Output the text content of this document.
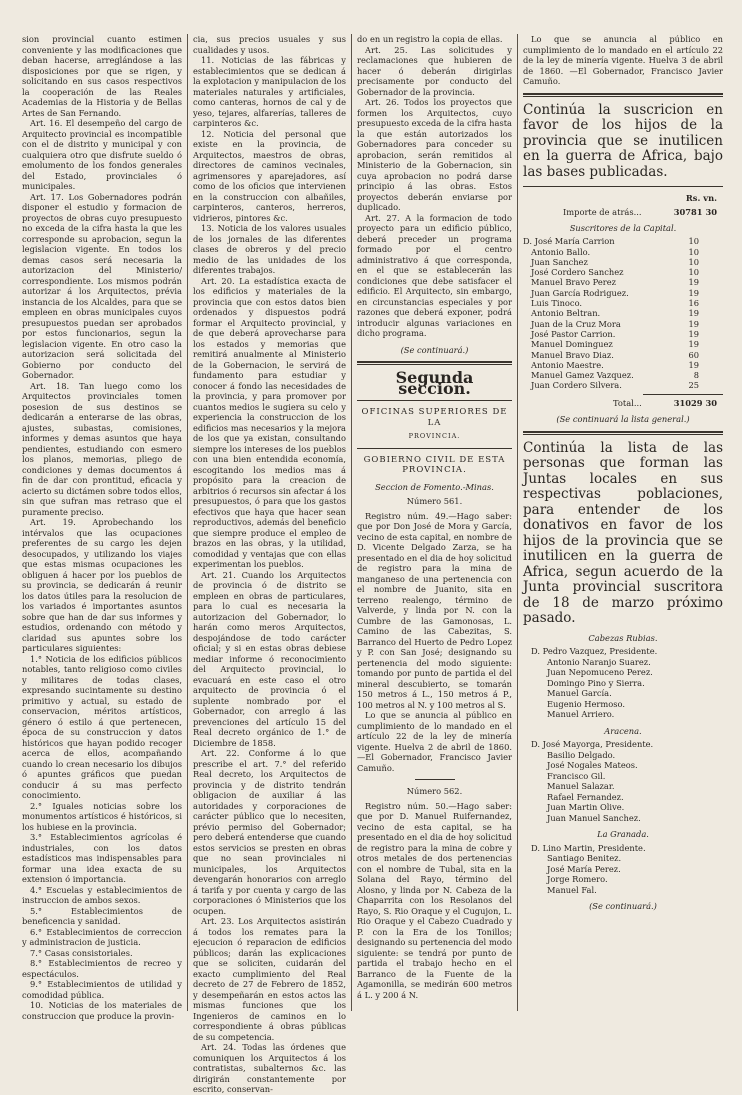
sion provincial cuanto estimen conveniente y las modificaciones que deban hacerse, arreglándose a las disposiciones por que se rigen, y solicitando en sus casos respectivos la cooperación de las Reales Academias de la Historia y de Bellas Artes de San Fernando.

Art. 16. El desempeño del cargo de Arquitecto provincial es incompatible con el de distrito y municipal y con cualquiera otro que disfrute sueldo ó emolumento de los fondos generales del Estado, provinciales ó municipales.

Art. 17. Los Gobernadores podrán disponer el estudio y formacion de proyectos de obras cuyo presupuesto no exceda de la cifra hasta la que les corresponde su aprobacion, segun la legislacion vigente. En todos los demas casos será necesaria la autorizacion del Ministerio/ correspondiente. Los mismos podrán autorizar á los Arquitectos, prévia instancia de los Alcaldes, para que se empleen en obras municipales cuyos presupuestos puedan ser aprobados por estos funcionarios, segun la legislacion vigente. En otro caso la autorizacion será solicitada del Gobierno por conducto del Gobernador.

Art. 18. Tan luego como los Arquitectos provinciales tomen posesion de sus destinos se dedicarán a enterarse de las obras, ajustes, subastas, comisiones, informes y demas asuntos que haya pendientes, estudiando con esmero los planos, memorias, pliego de condiciones y demas documentos á fin de dar con prontitud, eficacia y acierto su dictámen sobre todos ellos, sin que sufran mas retraso que el puramente preciso.

Art. 19. Aprobechando los intérvalos que las ocupaciones preferentes de su cargo les dejen desocupados, y utilizando los viajes que estas mismas ocupaciones les obliguen á hacer por los pueblos de su provincia, se dedicarán á reunir los datos útiles para la resolucion de los variados é importantes asuntos sobre que han de dar sus informes y estudios, ordenando con método y claridad sus apuntes sobre los particulares siguientes:

1.° Noticia de los edificios públicos notables, tanto religioso como civiles y militares de todas clases, expresando sucintamente su destino primitivo y actual, su estado de conservacion, méritos artísticos, género ó estilo á que pertenecen, época de su construccion y datos históricos que hayan podido recoger acerca de ellos, acompañando cuando lo crean necesario los dibujos ó apuntes gráficos que puedan conducir á su mas perfecto conocimiento.

2.° Iguales noticias sobre los monumentos artísticos é históricos, si los hubiese en la provincia.

3.° Establecimientos agrícolas é industriales, con los datos estadísticos mas indispensables para formar una idea exacta de su extension ó importancia.

4.° Escuelas y establecimientos de instruccion de ambos sexos.

5.° Establecimientos de beneficencia y sanidad.

6.° Establecimientos de correccion y administracion de justicia.

7.° Casas consistoriales.

8.° Establecimientos de recreo y espectáculos.

9.° Establecimientos de utilidad y comodidad pública.

10. Noticias de los materiales de construccion que produce la provin-

cia, sus precios usuales y sus cualidades y usos.

11. Noticias de las fábricas y establecimientos que se dedican á la explotacion y manipulacion de los materiales naturales y artificiales, como canteras, hornos de cal y de yeso, tejares, alfarerías, talleres de carpinteros &c.

12. Noticia del personal que existe en la provincia, de Arquitectos, maestros de obras, directores de caminos vecinales, agrimensores y aparejadores, así como de los oficios que intervienen en la construccion con albañiles, carpinteros, canteros, herreros, vidrieros, pintores &c.

13. Noticia de los valores usuales de los jornales de las diferentes clases de obreros y del precio medio de las unidades de los diferentes trabajos.

Art. 20. La estadística exacta de los edificios y materiales de la provincia que con estos datos bien ordenados y dispuestos podrá formar el Arquitecto provincial, y de que deberá aprovecharse para los estados y memorias que remitirá anualmente al Ministerio de la Gobernacion, le servirá de fundamento para estudiar y conocer á fondo las necesidades de la provincia, y para promover por cuantos medios le sugiera su celo y experiencia la construccion de los edificios mas necesarios y la mejora de los que ya existan, consultando siempre los intereses de los pueblos con una bien entendida economía, escogitando los medios mas á propósito para la creacion de arbitrios ó recursos sin afectar á los presupuestos, ó para que los gastos efectivos que haya que hacer sean reproductivos, además del beneficio que siempre produce el empleo de brazos en las obras, y la utilidad, comodidad y ventajas que con ellas experimentan los pueblos.

Art. 21. Cuando los Arquitectos de provincia ó de distrito se empleen en obras de particulares, para lo cual es necesaria la autorizacion del Gobernador, lo harán como meros Arquitectos, despojándose de todo carácter oficial; y si en estas obras debiese mediar informe ó reconocimiento del Arquitecto provincial, lo evacuará en este caso el otro arquitecto de provincia ó el suplente nombrado por el Gobernador, con arreglo á las prevenciones del artículo 15 del Real decreto orgánico de 1.° de Diciembre de 1858.

Art. 22. Conforme á lo que prescribe el art. 7.° del referido Real decreto, los Arquitectos de provincia y de distrito tendrán obligacion de auxiliar á las autoridades y corporaciones de carácter público que lo necesiten, prévio permiso del Gobernador; pero deberá entenderse que cuando estos servicios se presten en obras que no sean provinciales ni municipales, los Arquitectos devengarán honorarios con arreglo á tarifa y por cuenta y cargo de las corporaciones ó Ministerios que los ocupen.

Art. 23. Los Arquitectos asistirán á todos los remates para la ejecucion ó reparacion de edificios públicos; darán las explicaciones que se soliciten, cuidarán del exacto cumplimiento del Real decreto de 27 de Febrero de 1852, y desempeñarán en estos actos las mismas funciones que los Ingenieros de caminos en lo correspondiente á obras públicas de su competencia.

Art. 24. Todas las órdenes que comuniquen los Arquitectos á los contratistas, subalternos &c. las dirigirán constantemente por escrito, conservan-

do en un registro la copia de ellas.

Art. 25. Las solicitudes y reclamaciones que hubieren de hacer ó deberán dirigirlas precisamente por conducto del Gobernador de la provincia.

Art. 26. Todos los proyectos que formen los Arquitectos, cuyo presupuesto exceda de la cifra hasta la que están autorizados los Gobernadores para conceder su aprobacion, serán remitidos al Ministerio de la Gobernacion, sin cuya aprobacion no podrá darse principio á las obras. Estos proyectos deberán enviarse por duplicado.

Art. 27. A la formacion de todo proyecto para un edificio público, deberá preceder un programa formado por el centro administrativo á que corresponda, en el que se establecerán las condiciones que debe satisfacer el edificio. El Arquitecto, sin embargo, en circunstancias especiales y por razones que deberá exponer, podrá introducir algunas variaciones en dicho programa.

(Se continuará.)
Segunda seccion.
OFICINAS SUPERIORES DE LA
PROVINCIA.
GOBIERNO CIVIL DE ESTA PROVINCIA.
Seccion de Fomento.-Minas.
Número 561.

Registro núm. 49.—Hago saber: que por Don José de Mora y García, vecino de esta capital, en nombre de D. Vicente Delgado Zarza, se ha presentado en el dia de hoy solicitud de registro para la mina de manganeso de una pertenencia con el nombre de Juanito, sita en terreno realengo, término de Valverde, y linda por N. con la Cumbre de las Gamonosas, L. Camino de las Cabezitas, S. Barranco del Huerto de Pedro Lopez y P. con San José; designando su pertenencia del modo siguiente: tomando por punto de partida el del mineral descubierto, se tomarán 150 metros á L., 150 metros á P., 100 metros al N. y 100 metros al S.

Lo que se anuncia al público en cumplimiento de lo mandado en el artículo 22 de la ley de minería vigente. Huelva 2 de abril de 1860.—El Gobernador, Francisco Javier Camuño.

Número 562.

Registro núm. 50.—Hago saber: que por D. Manuel Ruifernandez, vecino de esta capital, se ha presentado en el dia de hoy solicitud de registro para la mina de cobre y otros metales de dos pertenencias con el nombre de Tubal, sita en la Solana del Rayo, término del Alosno, y linda por N. Cabeza de la Chaparrita con los Resolanos del Rayo, S. Rio Oraque y el Cugujon, L. Rio Oraque y el Cabezo Cuadrado y P. con la Era de los Tonillos; designando su pertenencia del modo siguiente: se tendrá por punto de partida el trabajo hecho en el Barranco de la Fuente de la Agamonilla, se medirán 600 metros á L. y 200 á N.

Lo que se anuncia al público en cumplimiento de lo mandado en el artículo 22 de la ley de minería vigente. Huelva 3 de abril de 1860. —El Gobernador, Francisco Javier Camuño.

Continúa la suscricion en favor de los hijos de la provincia que se inutilicen en la guerra de Africa, bajo las bases publicadas.
Rs. vn.
Importe de atrás...	30781 30
Suscritores de la Capital.
D. José María Carrion	10
Antonio Ballo.	10
Juan Sanchez	10
José Cordero Sanchez	10
Manuel Bravo Perez	19
Juan García Rodriguez.	19
Luis Tinoco.	16
Antonio Beltran.	19
Juan de la Cruz Mora	19
José Pastor Carrion.	19
Manuel Dominguez	19
Manuel Bravo Diaz.	60
Antonio Maestre.	19
Manuel Gamez Vazquez.	8
Juan Cordero Silvera.	25
Total...	31029 30
(Se continuará la lista general.)
Continúa la lista de las personas que forman las Juntas locales en sus respectivas poblaciones, para entender de los donativos en favor de los hijos de la provincia que se inutilicen en la guerra de Africa, segun acuerdo de la Junta provincial suscritora de 18 de marzo próximo pasado.
Cabezas Rubias.
D. Pedro Vazquez, Presidente.
Antonio Naranjo Suarez.
Juan Nepomuceno Perez.
Domingo Pino y Sierra.
Manuel García.
Eugenio Hermoso.
Manuel Arriero.
Aracena.
D. José Mayorga, Presidente.
Basilio Delgado.
José Nogales Mateos.
Francisco Gil.
Manuel Salazar.
Rafael Fernandez.
Juan Martin Olive.
Juan Manuel Sanchez.
La Granada.
D. Lino Martin, Presidente.
Santiago Benitez.
José María Perez.
Jorge Romero.
Manuel Fal.
(Se continuará.)
